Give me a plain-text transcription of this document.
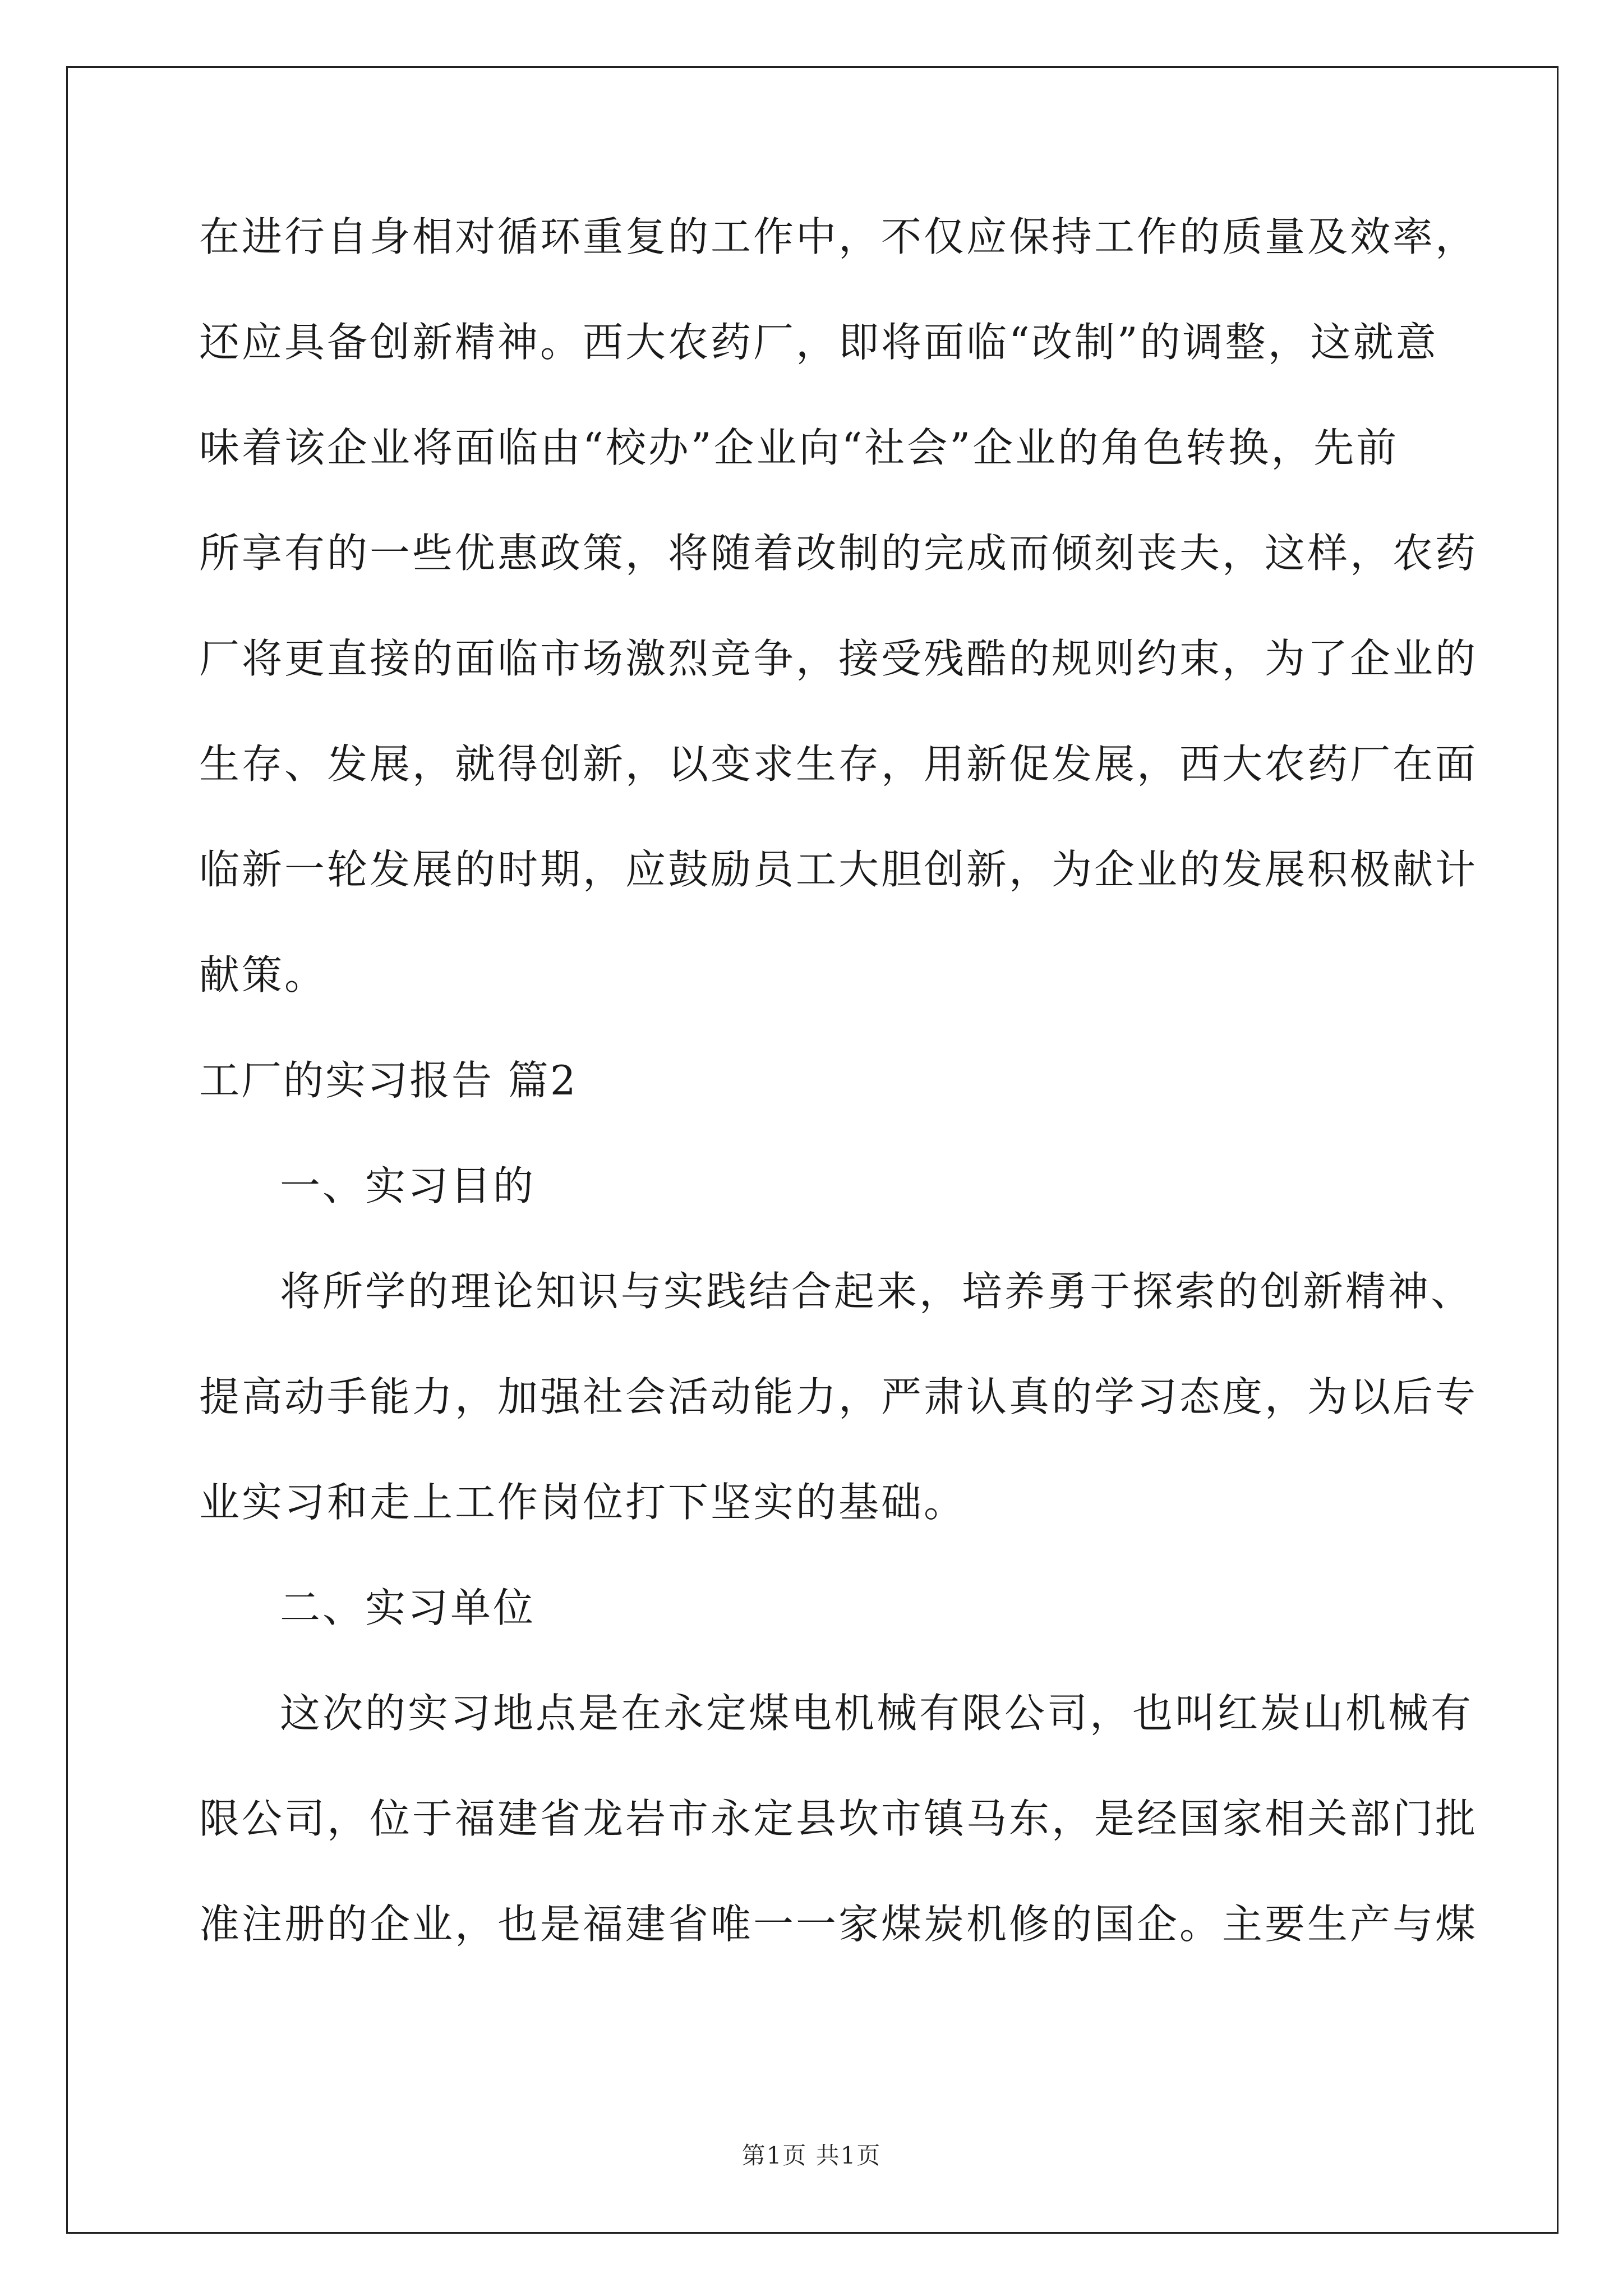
在进行自身相对循环重复的工作中，不仅应保持工作的质量及效率，
还应具备创新精神。西大农药厂，即将面临“改制”的调整，这就意
味着该企业将面临由“校办”企业向“社会”企业的角色转换，先前
所享有的一些优惠政策，将随着改制的完成而倾刻丧夫，这样，农药
厂将更直接的面临市场激烈竞争，接受残酷的规则约束，为了企业的
生存、发展，就得创新，以变求生存，用新促发展，西大农药厂在面
临新一轮发展的时期，应鼓励员工大胆创新，为企业的发展积极献计
献策。
工厂的实习报告 篇2
一、实习目的
将所学的理论知识与实践结合起来，培养勇于探索的创新精神、
提高动手能力，加强社会活动能力，严肃认真的学习态度，为以后专
业实习和走上工作岗位打下坚实的基础。
二、实习单位
这次的实习地点是在永定煤电机械有限公司，也叫红炭山机械有
限公司，位于福建省龙岩市永定县坎市镇马东，是经国家相关部门批
准注册的企业，也是福建省唯一一家煤炭机修的国企。主要生产与煤
第1页 共1页
